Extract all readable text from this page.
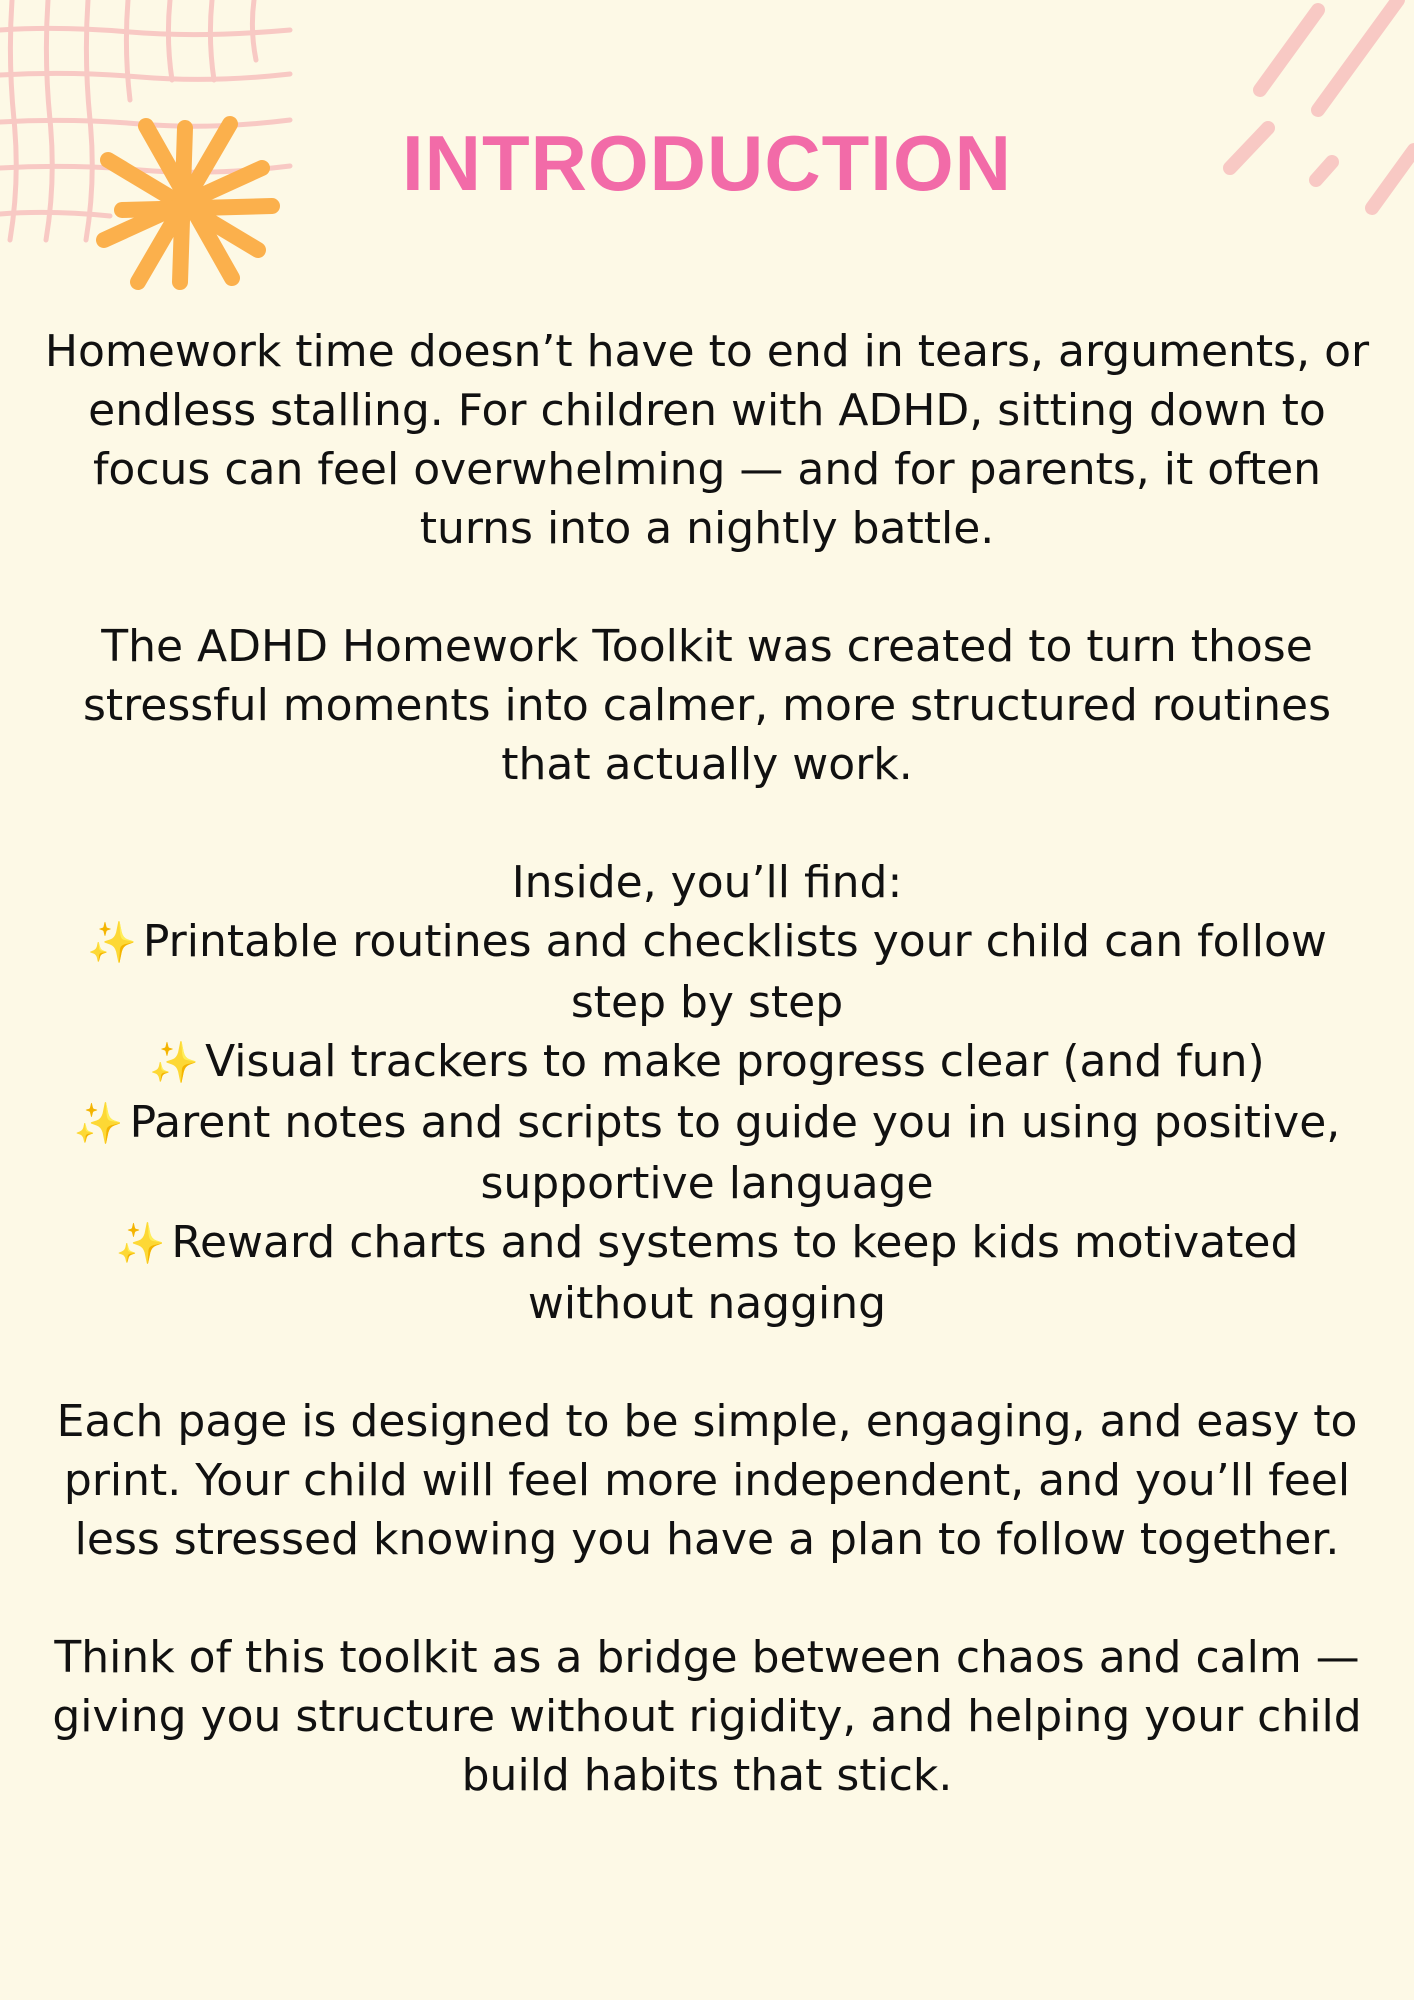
INTRODUCTION

Homework time doesn’t have to end in tears, arguments, or endless stalling. For children with ADHD, sitting down to focus can feel overwhelming — and for parents, it often turns into a nightly battle.

The ADHD Homework Toolkit was created to turn those stressful moments into calmer, more structured routines that actually work.

Inside, you’ll find:
✨ Printable routines and checklists your child can follow step by step
✨ Visual trackers to make progress clear (and fun)
✨ Parent notes and scripts to guide you in using positive, supportive language
✨ Reward charts and systems to keep kids motivated without nagging

Each page is designed to be simple, engaging, and easy to print. Your child will feel more independent, and you’ll feel less stressed knowing you have a plan to follow together.

Think of this toolkit as a bridge between chaos and calm — giving you structure without rigidity, and helping your child build habits that stick.
